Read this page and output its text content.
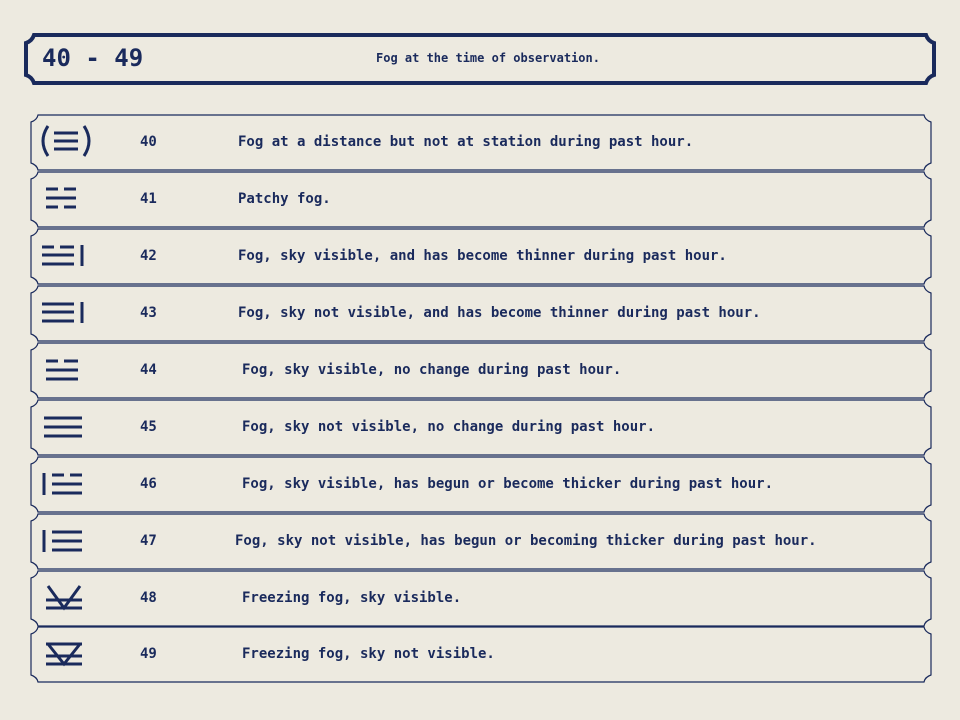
40 - 49	Fog at the time of observation.
40	Fog at a distance but not at station during past hour.
41	Patchy fog.
42	Fog, sky visible, and has become thinner during past hour.
43	Fog, sky not visible, and has become thinner during past hour.
44	Fog, sky visible, no change during past hour.
45	Fog, sky not visible, no change during past hour.
46	Fog, sky visible, has begun or become thicker during past hour.
47	Fog, sky not visible, has begun or becoming thicker during past hour.
48	Freezing fog, sky visible.
49	Freezing fog, sky not visible.
